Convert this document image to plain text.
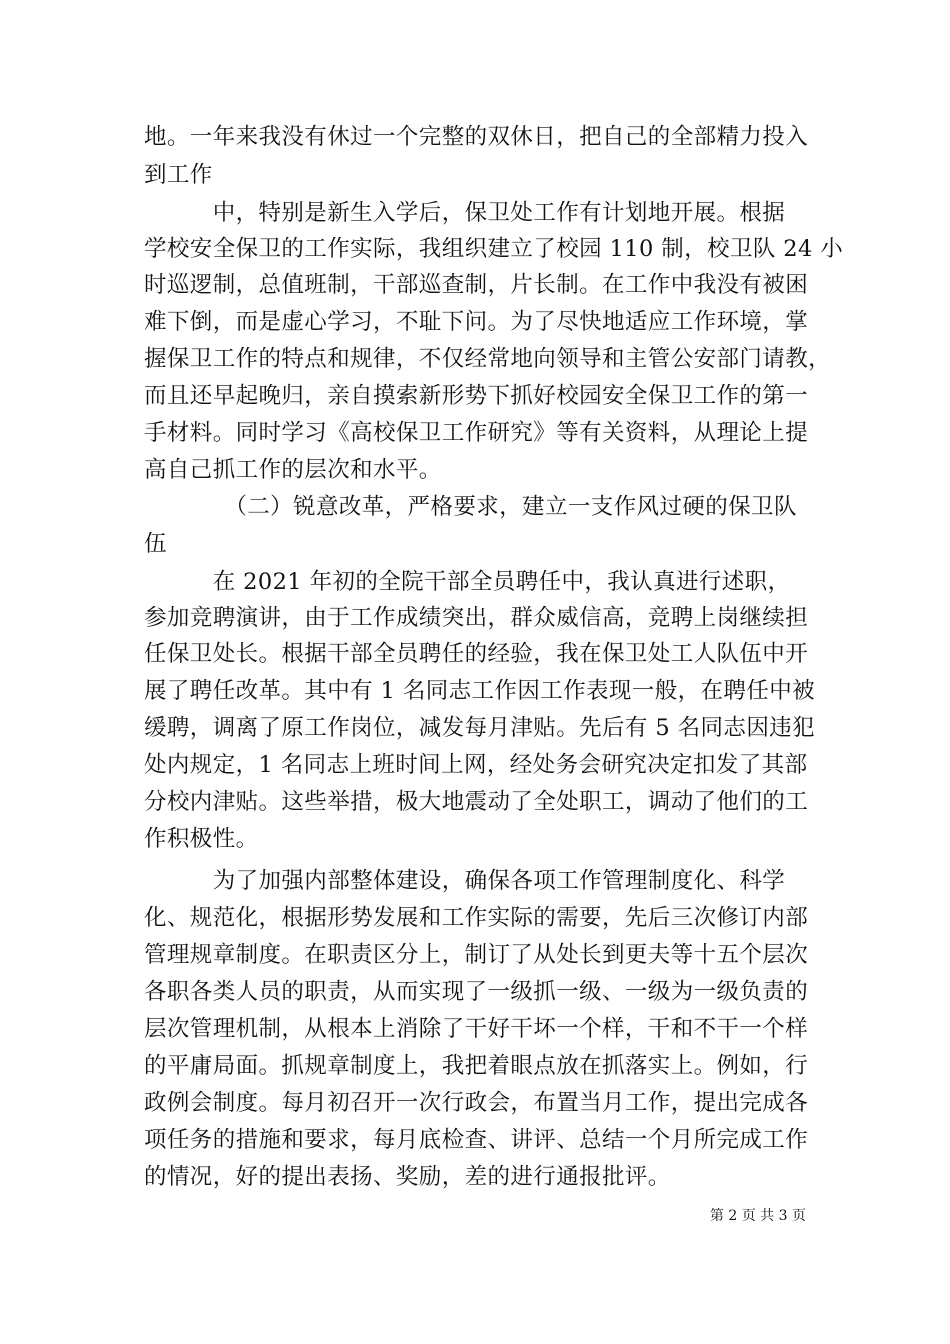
地。一年来我没有休过一个完整的双休日，把自己的全部精力投入
到工作
　　　中，特别是新生入学后，保卫处工作有计划地开展。根据
学校安全保卫的工作实际，我组织建立了校园 110 制，校卫队 24 小
时巡逻制，总值班制，干部巡查制，片长制。在工作中我没有被困
难下倒，而是虚心学习，不耻下问。为了尽快地适应工作环境，掌
握保卫工作的特点和规律，不仅经常地向领导和主管公安部门请教，
而且还早起晚归，亲自摸索新形势下抓好校园安全保卫工作的第一
手材料。同时学习《高校保卫工作研究》等有关资料，从理论上提
高自己抓工作的层次和水平。
　　　　（二）锐意改革，严格要求，建立一支作风过硬的保卫队
伍
　　　在 2021 年初的全院干部全员聘任中，我认真进行述职，
参加竞聘演讲，由于工作成绩突出，群众威信高，竞聘上岗继续担
任保卫处长。根据干部全员聘任的经验，我在保卫处工人队伍中开
展了聘任改革。其中有 1 名同志工作因工作表现一般，在聘任中被
缓聘，调离了原工作岗位，减发每月津贴。先后有 5 名同志因违犯
处内规定，1 名同志上班时间上网，经处务会研究决定扣发了其部
分校内津贴。这些举措，极大地震动了全处职工，调动了他们的工
作积极性。
　　　为了加强内部整体建设，确保各项工作管理制度化、科学
化、规范化，根据形势发展和工作实际的需要，先后三次修订内部
管理规章制度。在职责区分上，制订了从处长到更夫等十五个层次
各职各类人员的职责，从而实现了一级抓一级、一级为一级负责的
层次管理机制，从根本上消除了干好干坏一个样，干和不干一个样
的平庸局面。抓规章制度上，我把着眼点放在抓落实上。例如，行
政例会制度。每月初召开一次行政会，布置当月工作，提出完成各
项任务的措施和要求，每月底检查、讲评、总结一个月所完成工作
的情况，好的提出表扬、奖励，差的进行通报批评。
第 2 页 共 3 页
